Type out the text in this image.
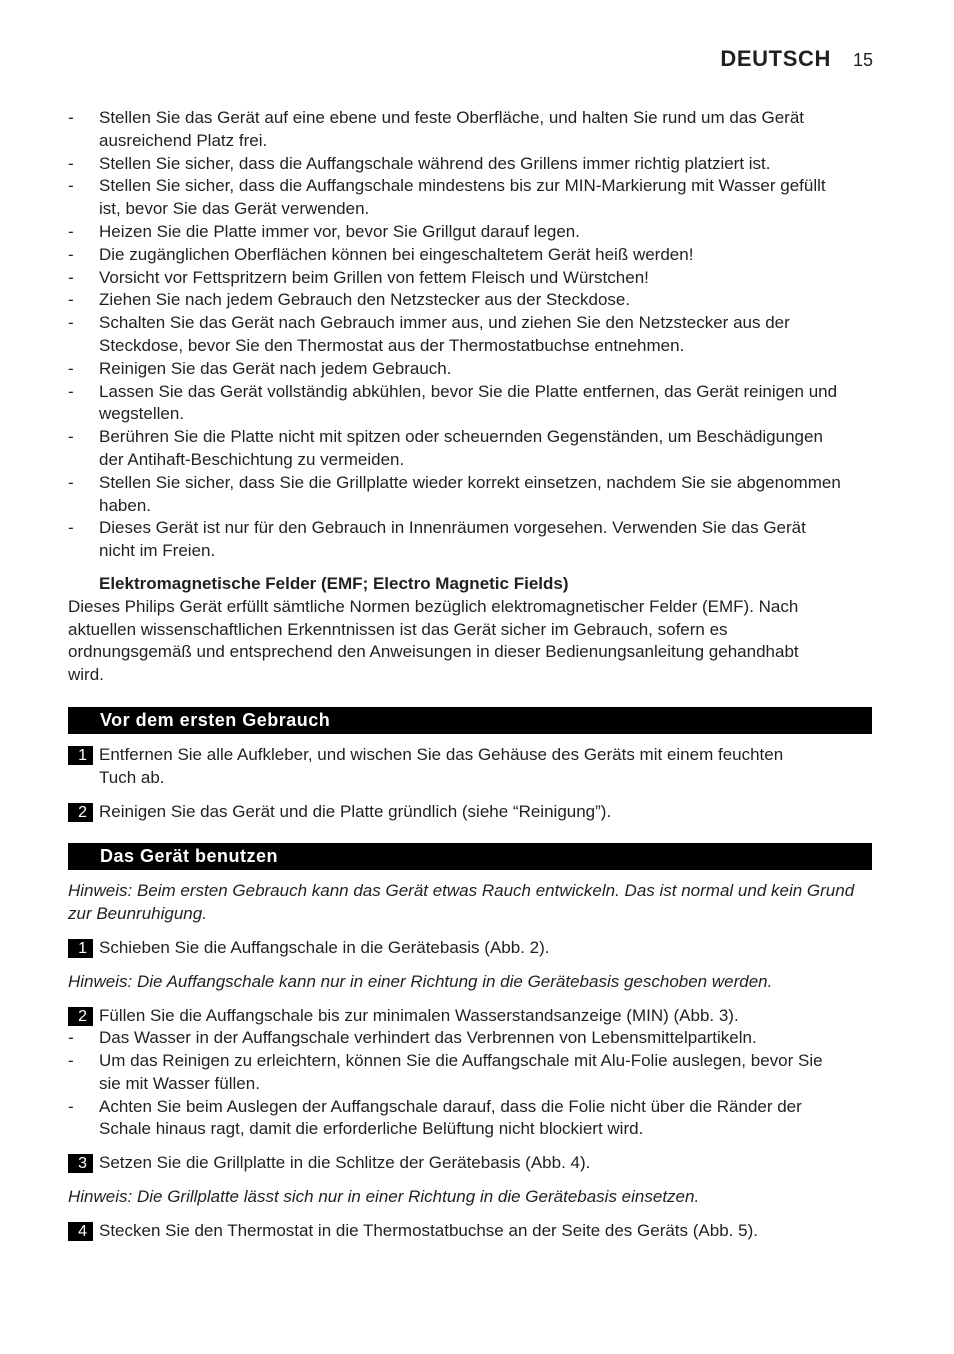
DEUTSCH 15
- Stellen Sie das Gerät auf eine ebene und feste Oberfläche, und halten Sie rund um das Gerät
ausreichend Platz frei.
- Stellen Sie sicher, dass die Auffangschale während des Grillens immer richtig platziert ist.
- Stellen Sie sicher, dass die Auffangschale mindestens bis zur MIN-Markierung mit Wasser gefüllt
ist, bevor Sie das Gerät verwenden.
- Heizen Sie die Platte immer vor, bevor Sie Grillgut darauf legen.
- Die zugänglichen Oberflächen können bei eingeschaltetem Gerät heiß werden!
- Vorsicht vor Fettspritzern beim Grillen von fettem Fleisch und Würstchen!
- Ziehen Sie nach jedem Gebrauch den Netzstecker aus der Steckdose.
- Schalten Sie das Gerät nach Gebrauch immer aus, und ziehen Sie den Netzstecker aus der
Steckdose, bevor Sie den Thermostat aus der Thermostatbuchse entnehmen.
- Reinigen Sie das Gerät nach jedem Gebrauch.
- Lassen Sie das Gerät vollständig abkühlen, bevor Sie die Platte entfernen, das Gerät reinigen und
wegstellen.
- Berühren Sie die Platte nicht mit spitzen oder scheuernden Gegenständen, um Beschädigungen
der Antihaft-Beschichtung zu vermeiden.
- Stellen Sie sicher, dass Sie die Grillplatte wieder korrekt einsetzen, nachdem Sie sie abgenommen
haben.
- Dieses Gerät ist nur für den Gebrauch in Innenräumen vorgesehen. Verwenden Sie das Gerät
nicht im Freien.
Elektromagnetische Felder (EMF; Electro Magnetic Fields)
Dieses Philips Gerät erfüllt sämtliche Normen bezüglich elektromagnetischer Felder (EMF). Nach
aktuellen wissenschaftlichen Erkenntnissen ist das Gerät sicher im Gebrauch, sofern es
ordnungsgemäß und entsprechend den Anweisungen in dieser Bedienungsanleitung gehandhabt
wird.
Vor dem ersten Gebrauch
1 Entfernen Sie alle Aufkleber, und wischen Sie das Gehäuse des Geräts mit einem feuchten
Tuch ab.
2 Reinigen Sie das Gerät und die Platte gründlich (siehe “Reinigung”).
Das Gerät benutzen
Hinweis: Beim ersten Gebrauch kann das Gerät etwas Rauch entwickeln. Das ist normal und kein Grund
zur Beunruhigung.
1 Schieben Sie die Auffangschale in die Gerätebasis (Abb. 2).
Hinweis: Die Auffangschale kann nur in einer Richtung in die Gerätebasis geschoben werden.
2 Füllen Sie die Auffangschale bis zur minimalen Wasserstandsanzeige (MIN) (Abb. 3).
- Das Wasser in der Auffangschale verhindert das Verbrennen von Lebensmittelpartikeln.
- Um das Reinigen zu erleichtern, können Sie die Auffangschale mit Alu-Folie auslegen, bevor Sie
sie mit Wasser füllen.
- Achten Sie beim Auslegen der Auffangschale darauf, dass die Folie nicht über die Ränder der
Schale hinaus ragt, damit die erforderliche Belüftung nicht blockiert wird.
3 Setzen Sie die Grillplatte in die Schlitze der Gerätebasis (Abb. 4).
Hinweis: Die Grillplatte lässt sich nur in einer Richtung in die Gerätebasis einsetzen.
4 Stecken Sie den Thermostat in die Thermostatbuchse an der Seite des Geräts (Abb. 5).
